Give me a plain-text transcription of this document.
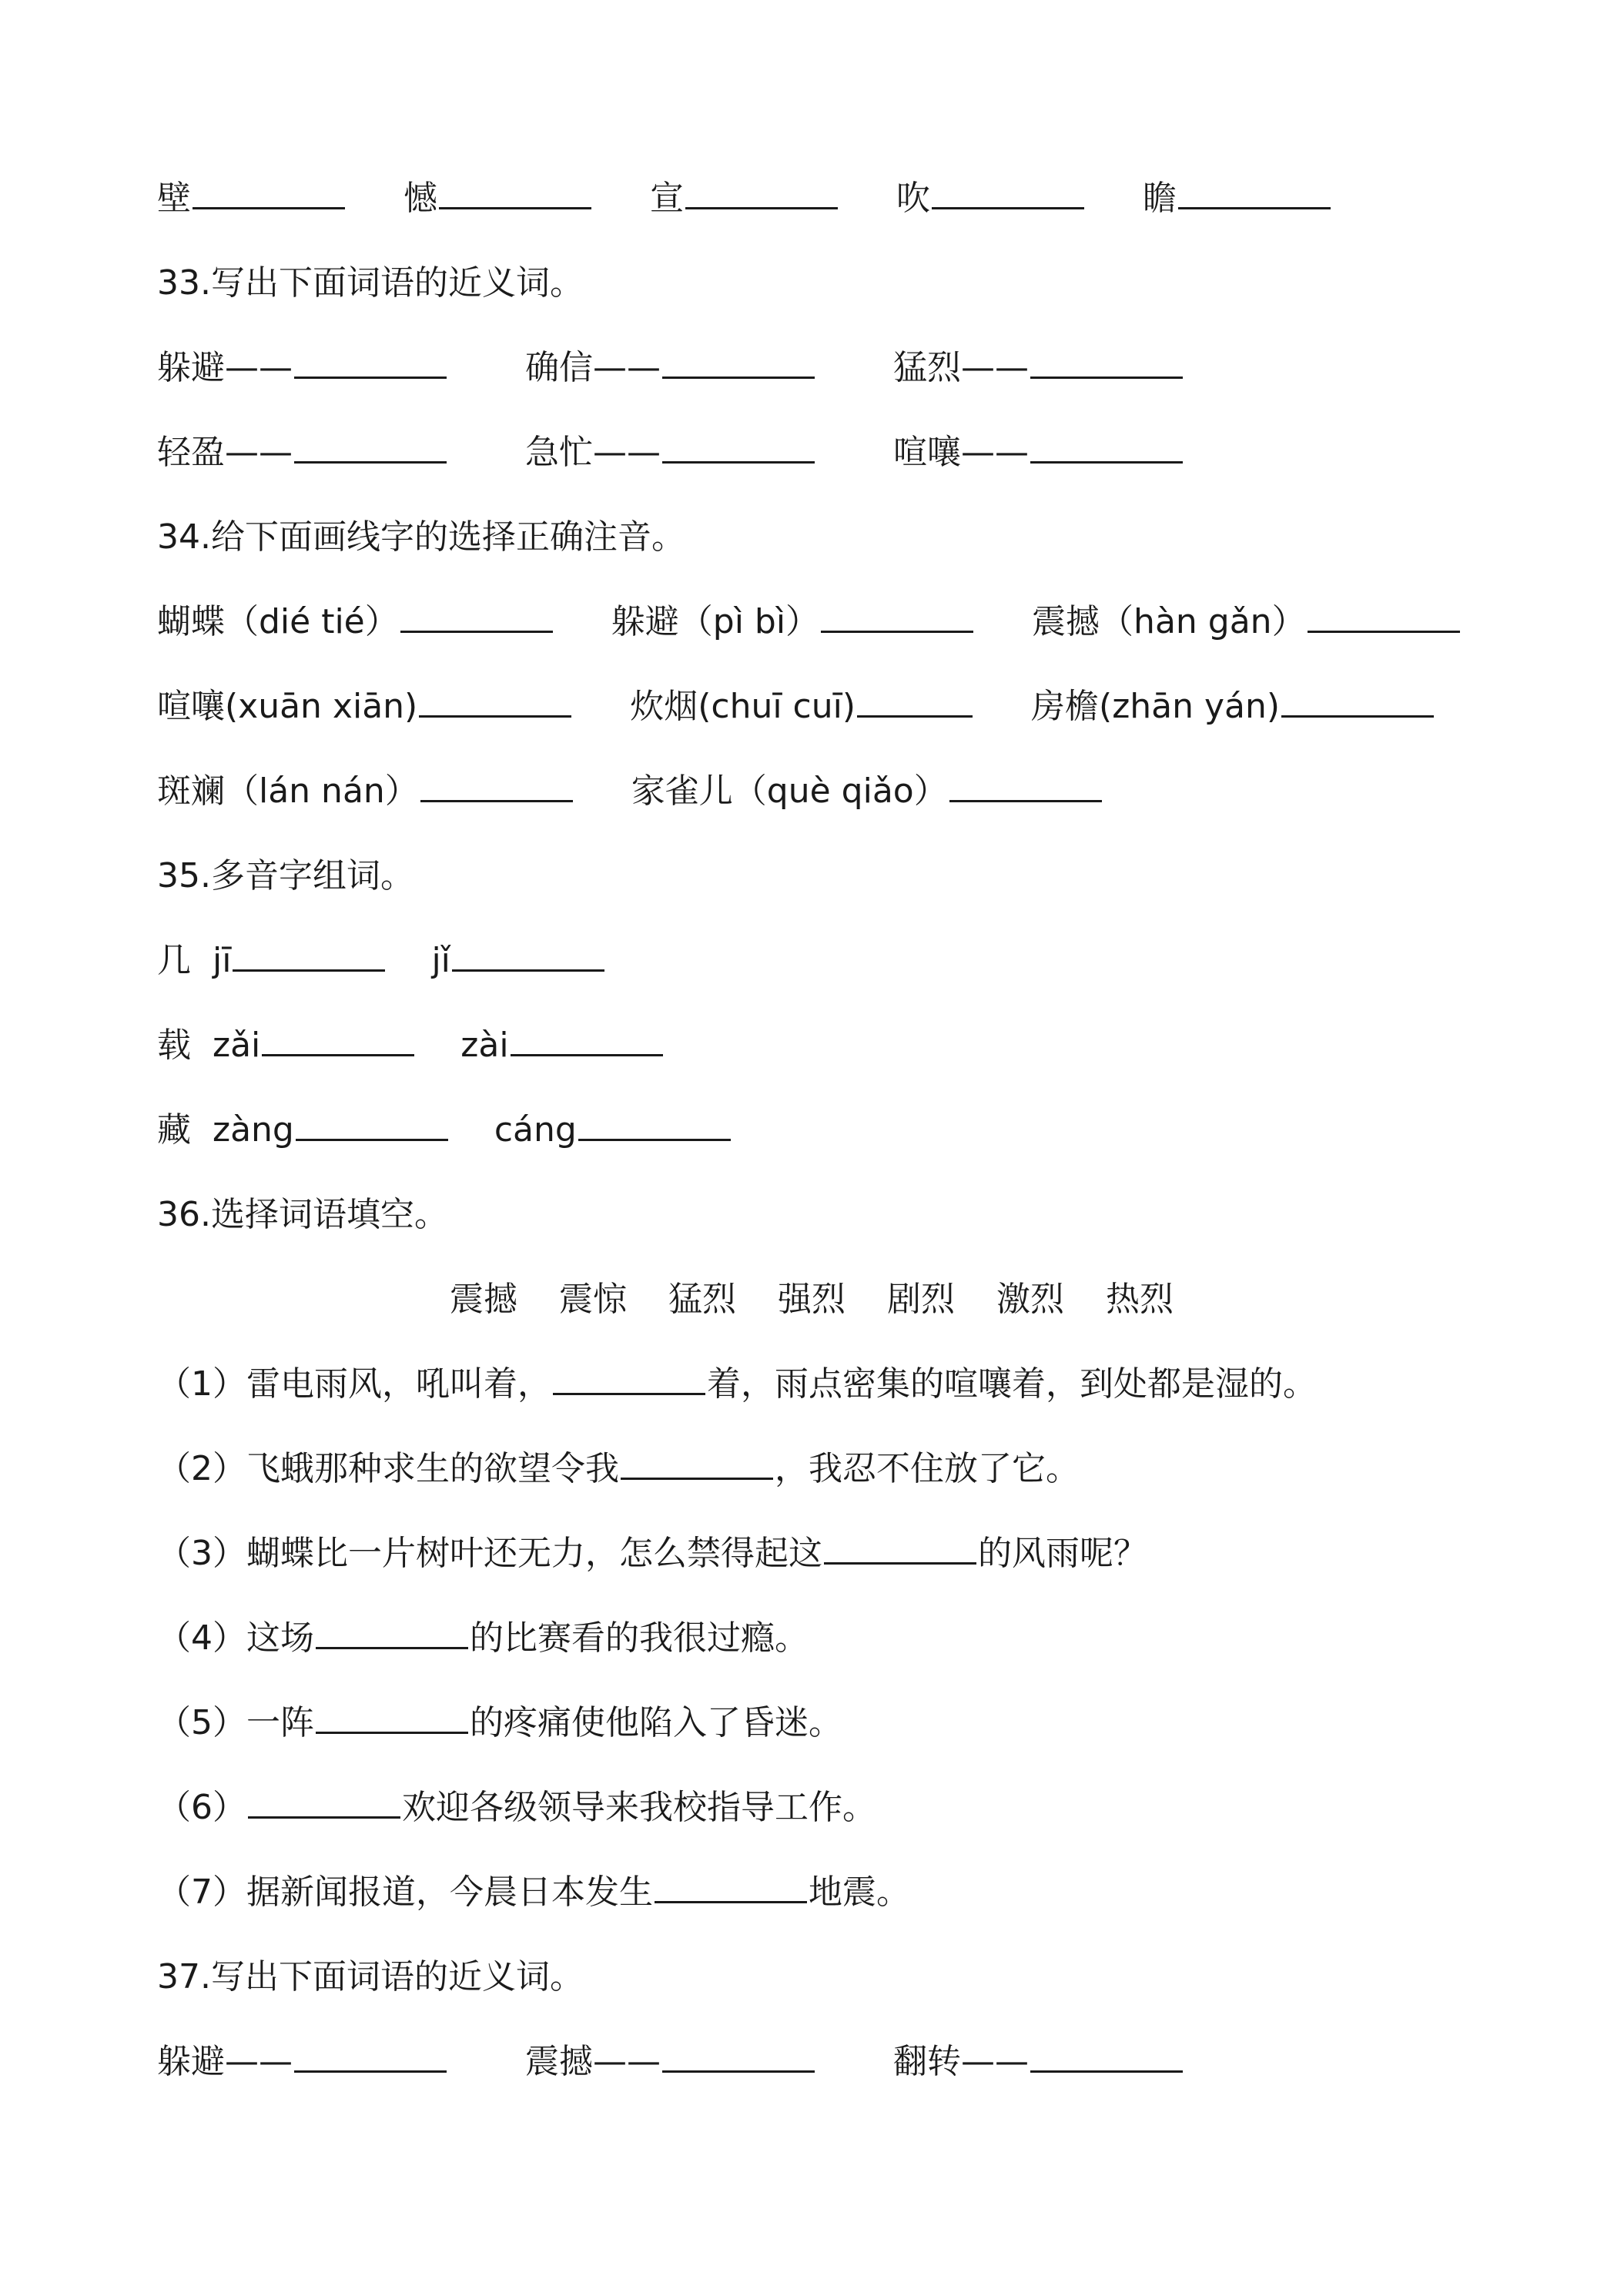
壁	憾	宣	吹	瞻
33.写出下面词语的近义词。
躲避——	确信——	猛烈——
轻盈——	急忙——	喧嚷——
34.给下面画线字的选择正确注音。
蝴蝶（dié tié）	躲避（pì bì）	震撼（hàn gǎn）
喧嚷(xuān xiān)	炊烟(chuī cuī)	房檐(zhān yán)
斑斓（lán nán）	家雀儿（què qiǎo）
35.多音字组词。
几 jī	jǐ
载 zǎi	zài
藏 zàng	cáng
36.选择词语填空。
震撼 震惊 猛烈 强烈 剧烈 激烈 热烈
（1）雷电雨风，吼叫着，	着，雨点密集的喧嚷着，到处都是湿的。
（2）飞蛾那种求生的欲望令我	，我忍不住放了它。
（3）蝴蝶比一片树叶还无力，怎么禁得起这	的风雨呢？
（4）这场	的比赛看的我很过瘾。
（5）一阵	的疼痛使他陷入了昏迷。
（6）	欢迎各级领导来我校指导工作。
（7）据新闻报道，今晨日本发生	地震。
37.写出下面词语的近义词。
躲避——	震撼——	翻转——
